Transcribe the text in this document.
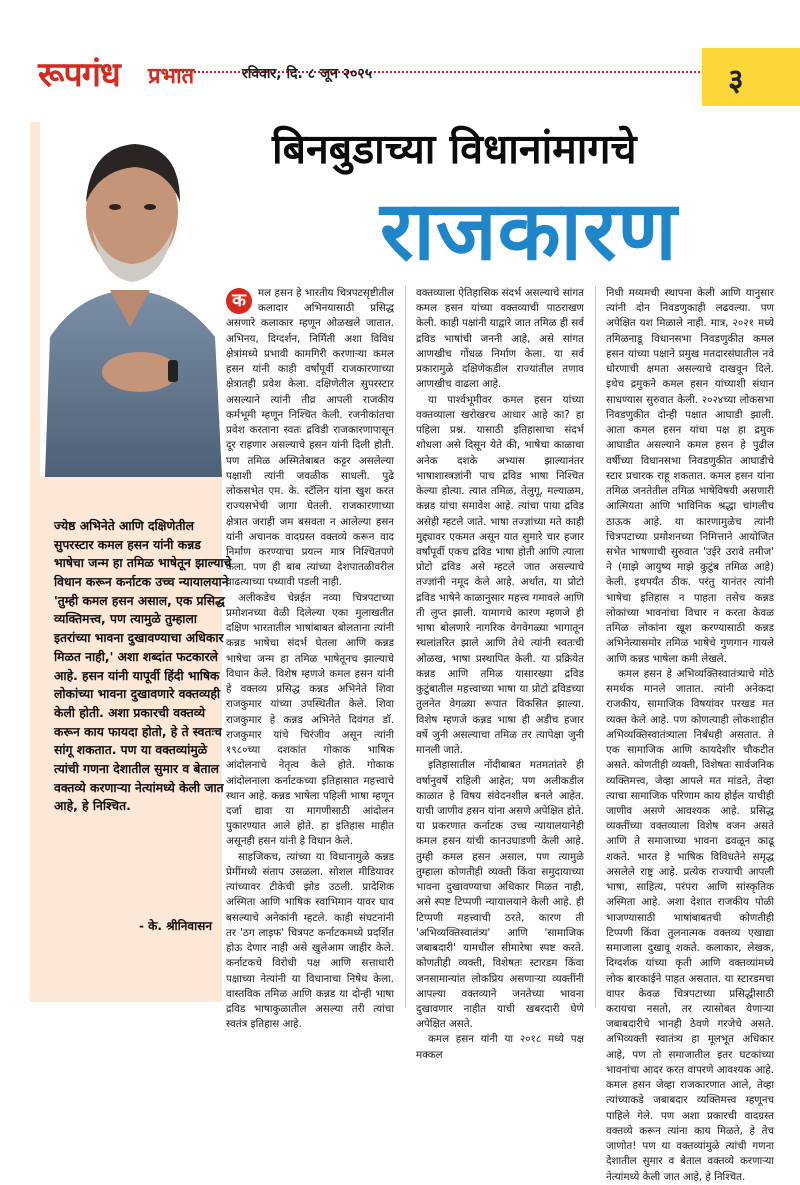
रूपगंध प्रभात	रविवार, दि. ८ जून २०२५	३
ज्येष्ठ अभिनेते आणि दक्षिणेतील सुपरस्टार कमल हसन यांनी कन्नड भाषेचा जन्म हा तमिळ भाषेतून झाल्याचे विधान करून कर्नाटक उच्च न्यायालयाने 'तुम्ही कमल हसन असाल, एक प्रसिद्ध व्यक्तिमत्त्व, पण त्यामुळे तुम्हाला इतरांच्या भावना दुखावण्याचा अधिकार मिळत नाही,' अशा शब्दांत फटकारले आहे. हसन यांनी यापूर्वी हिंदी भाषिक लोकांच्या भावना दुखावणारे वक्तव्यही केली होती. अशा प्रकारची वक्तव्ये करून काय फायदा होतो, हे ते स्वतःच सांगू शकतात. पण या वक्तव्यांमुळे त्यांची गणना देशातील सुमार व बेताल वक्तव्ये करणाऱ्या नेत्यांमध्ये केली जात आहे, हे निश्चित.
- के. श्रीनिवासन
बिनबुडाच्या विधानांमागचे
राजकारण

क	मल हसन हे भारतीय चित्रपटसृष्टीतील कलादार अभिनयासाठी प्रसिद्ध असणारे कलाकार म्हणून ओळखले जातात. अभिनय, दिग्दर्शन, निर्मिती अशा विविध क्षेत्रांमध्ये प्रभावी कामगिरी करणाऱ्या कमल हसन यांनी काही वर्षांपूर्वी राजकारणाच्या क्षेत्रातही प्रवेश केला. दक्षिणेतील सुपरस्टार असल्याने त्यांनी तीव्र आपली राजकीय कर्मभूमी म्हणून निश्चित केली. रजनीकांतचा प्रवेश करताना स्वतः द्रविडी राजकारणापासून दूर राहणार असल्याचे हसन यांनी दिली होती. पण तमिळ अस्मितेबाबत कट्टर असलेल्या पक्षाशी त्यांनी जवळीक साधली. पुढे लोकसभेत एम. के. स्टॅलिन यांना खुश करत राज्यसभेची जागा घेतली. राजकारणाच्या क्षेत्रात जराही जम बसवता न आलेल्या हसन यांनी अचानक वादग्रस्त वक्तव्ये करून वाद निर्माण करण्याचा प्रयत्न मात्र निश्चितपणे केला. पण ही बाब त्यांच्या देशपातळीवरील वाढत्याच्या पथ्यावी पडली नाही.

अलीकडेच चेन्नईत नव्या चित्रपटाच्या प्रमोशनच्या वेळी दिलेल्या एका मुलाखतीत दक्षिण भारतातील भाषांबाबत बोलताना त्यांनी कन्नड भाषेचा संदर्भ घेतला आणि कन्नड भाषेचा जन्म हा तमिळ भाषेतूनच झाल्याचे विधान केले. विशेष म्हणजे कमल हसन यांनी हे वक्तव्य प्रसिद्ध कन्नड अभिनेते शिवा राजकुमार यांच्या उपस्थितीत केले. शिवा राजकुमार हे कन्नड अभिनेते दिवंगत डॉ. राजकुमार यांचे चिरंजीव असून त्यांनी १९८०च्या दशकांत गोकाक भाषिक आंदोलनाचे नेतृत्व केले होते. गोकाक आंदोलनाला कर्नाटकच्या इतिहासात महत्त्वाचे स्थान आहे. कन्नड भाषेला पहिली भाषा म्हणून दर्जा द्यावा या मागणीसाठी आंदोलन पुकारण्यात आले होते. हा इतिहास माहीत असूनही हसन यांनी हे विधान केले.

साहजिकच, त्यांच्या या विधानामुळे कन्नड प्रेमींमध्ये संताप उसळला. सोशल मीडियावर त्यांच्यावर टीकेची झोड उठली. प्रादेशिक अस्मिता आणि भाषिक स्वाभिमान यावर घाव बसल्याचे अनेकांनी म्हटले. काही संघटनांनी तर 'ठग लाइफ' चित्रपट कर्नाटकमध्ये प्रदर्शित होऊ देणार नाही असे खुलेआम जाहीर केले. कर्नाटकचे विरोधी पक्ष आणि सत्ताधारी पक्षाच्या नेत्यांनी या विधानाचा निषेध केला. वास्तविक तमिळ आणि कन्नड या दोन्ही भाषा द्रविड भाषाकुळातील असल्या तरी त्यांचा स्वतंत्र इतिहास आहे.

वक्तव्याला ऐतिहासिक संदर्भ असल्याचे सांगत कमल हसन यांच्या वक्तव्याची पाठराखण केली. काही पक्षांनी याद्वारे जात तमिळ ही सर्व द्रविड भाषांची जननी आहे, असे सांगत आणखीच गोंधळ निर्माण केला. या सर्व प्रकारामुळे दक्षिणेकडील राज्यांतील तणाव आणखीच वाढला आहे.

या पार्श्वभूमीवर कमल हसन यांच्या वक्तव्याला खरोखरच आधार आहे का? हा पहिला प्रश्न. यासाठी इतिहासाचा संदर्भ शोधला असे दिसून येते की, भाषेचा काळाचा अनेक दशके अभ्यास झाल्यानंतर भाषाशास्त्रज्ञांनी पाच द्रविड भाषा निश्चित केल्या होत्या. त्यात तमिळ, तेलुगू, मल्याळम, कन्नड यांचा समावेश आहे. त्यांचा पाया द्रविड असेही म्हटले जाते. भाषा तज्ज्ञांच्या मते काही मुद्द्यावर एकमत असून यात सुमारे चार हजार वर्षांपूर्वी एकच द्रविड भाषा होती आणि त्याला प्रोटो द्रविड असे म्हटले जात असल्याचे तज्ज्ञांनी नमूद केले आहे. अर्थात, या प्रोटो द्रविड भाषेने काळानुसार महत्त्व गमावले आणि ती लुप्त झाली. यामागचे कारण म्हणजे ही भाषा बोलणारे नागरिक वेगवेगळ्या भागातून स्थलांतरित झाले आणि तेथे त्यांनी स्वतःची ओळख, भाषा प्रस्थापित केली. या प्रक्रियेत कन्नड आणि तमिळ यासारख्या द्रविड कुटुंबातील महत्त्वाच्या भाषा या प्रोटो द्रविडच्या तुलनेत वेगळ्या रूपात विकसित झाल्या. विशेष म्हणजे कन्नड भाषा ही अडीच हजार वर्षे जुनी असल्याचा तमिळ तर त्यापेक्षा जुनी मानली जाते.

इतिहासातील नोंदीबाबत मतमतांतरे ही वर्षानुवर्षे राहिली आहेत; पण अलीकडील काळात हे विषय संवेदनशील बनले आहेत. याची जाणीव हसन यांना असणे अपेक्षित होते. या प्रकरणात कर्नाटक उच्च न्यायालयानेही कमल हसन यांची कानउघाडणी केली आहे. तुम्ही कमल हसन असाल, पण त्यामुळे तुम्हाला कोणतीही व्यक्ती किंवा समुदायाच्या भावना दुखावण्याचा अधिकार मिळत नाही, असे स्पष्ट टिप्पणी न्यायालयाने केली आहे. ही टिप्पणी महत्त्वाची ठरते, कारण ती 'अभिव्यक्तिस्वातंत्र्य' आणि 'सामाजिक जबाबदारी' यामधील सीमारेषा स्पष्ट करते. कोणतीही व्यक्ती, विशेषतः स्टारडम किंवा जनसामान्यांत लोकप्रिय असणाऱ्या व्यक्तींनी आपल्या वक्तव्याने जनतेच्या भावना दुखावणार नाहीत याची खबरदारी घेणे अपेक्षित असते.

कमल हसन यांनी या २०१८ मध्ये पक्ष मक्कल

निधी मय्यमची स्थापना केली आणि यानुसार त्यांनी दोन निवडणुकाही लढवल्या. पण अपेक्षित यश मिळाले नाही. मात्र, २०२१ मध्ये तमिळनाडू विधानसभा निवडणुकीत कमल हसन यांच्या पक्षाने प्रमुख मतदारसंघातील नवे धोरणाची क्षमता असल्याचे दाखवून दिले. इथेच द्रमुकने कमल हसन यांच्याशी संधान साधण्यास सुरुवात केली. २०२४च्या लोकसभा निवडणुकीत दोन्ही पक्षात आघाडी झाली. आता कमल हसन यांचा पक्ष हा द्रमुक आघाडीत असल्याने कमल हसन हे पुढील वर्षीच्या विधानसभा निवडणुकीत आघाडीचे स्टार प्रचारक राहू शकतात. कमल हसन यांना तमिळ जनतेतील तमिळ भाषेविषयी असणारी आत्मियता आणि भाविनिक श्रद्धा चांगलीच ठाऊक आहे. या कारणामुळेच त्यांनी चित्रपटाच्या प्रमोशनच्या निमित्ताने आयोजित सभेत भाषणाची सुरुवात 'उईरे उरावे तमीज' ने (माझे आयुष्य माझे कुटुंब तमिळ आहे) केली. इथपर्यंत ठीक. परंतु यानंतर त्यांनी भाषेचा इतिहास न पाहता तसेच कन्नड लोकांच्या भावनांचा विचार न करता केवळ तमिळ लोकांना खूश करण्यासाठी कन्नड अभिनेत्यासमोर तमिळ भाषेचे गुणगान गायले आणि कन्नड भाषेला कमी लेखले.

कमल हसन हे अभिव्यक्तिस्वातंत्र्याचे मोठे समर्थक मानले जातात. त्यांनी अनेकदा राजकीय, सामाजिक विषयांवर परखड मत व्यक्त केले आहे. पण कोणत्याही लोकशाहीत अभिव्यक्तिस्वातंत्र्याला निर्बंधही असतात. ते एक सामाजिक आणि कायदेशीर चौकटीत असते. कोणतीही व्यक्ती, विशेषतः सार्वजनिक व्यक्तिमत्त्व, जेव्हा आपले मत मांडते, तेव्हा त्याचा सामाजिक परिणाम काय होईल याचीही जाणीव असणे आवश्यक आहे. प्रसिद्ध व्यक्तींच्या वक्तव्याला विशेष वजन असते आणि ते समाजाच्या भावना ढवळून काढू शकते. भारत हे भाषिक विविधतेने समृद्ध असलेले राष्ट्र आहे. प्रत्येक राज्याची आपली भाषा, साहित्य, परंपरा आणि सांस्कृतिक अस्मिता आहे. अशा देशात राजकीय पोळी भाजण्यासाठी भाषांबाबतची कोणतीही टिप्पणी किंवा तुलनात्मक वक्तव्य एखाद्या समाजाला दुखावू शकते. कलाकार, लेखक, दिग्दर्शक यांच्या कृती आणि वक्तव्यांमध्ये लोक बारकाईने पाहत असतात. या स्टारडमचा वापर केवळ चित्रपटाच्या प्रसिद्धीसाठी करायचा नसतो, तर त्यासोबत येणाऱ्या जबाबदारीचे भानही ठेवणे गरजेचे असते. अभिव्यक्ती स्वातंत्र्य हा मूलभूत अधिकार आहे, पण तो समाजातील इतर घटकांच्या भावनांचा आदर करत वापरणे आवश्यक आहे. कमल हसन जेव्हा राजकारणात आले, तेव्हा त्यांच्याकडे जबाबदार व्यक्तिमत्त्व म्हणूनच पाहिले गेले. पण अशा प्रकारची वादग्रस्त वक्तव्ये करून त्यांना काय मिळते, हे तेच जाणोत! पण या वक्तव्यांमुळे त्यांची गणना देशातील सुमार व बेताल वक्तव्ये करणाऱ्या नेत्यांमध्ये केली जात आहे, हे निश्चित.
